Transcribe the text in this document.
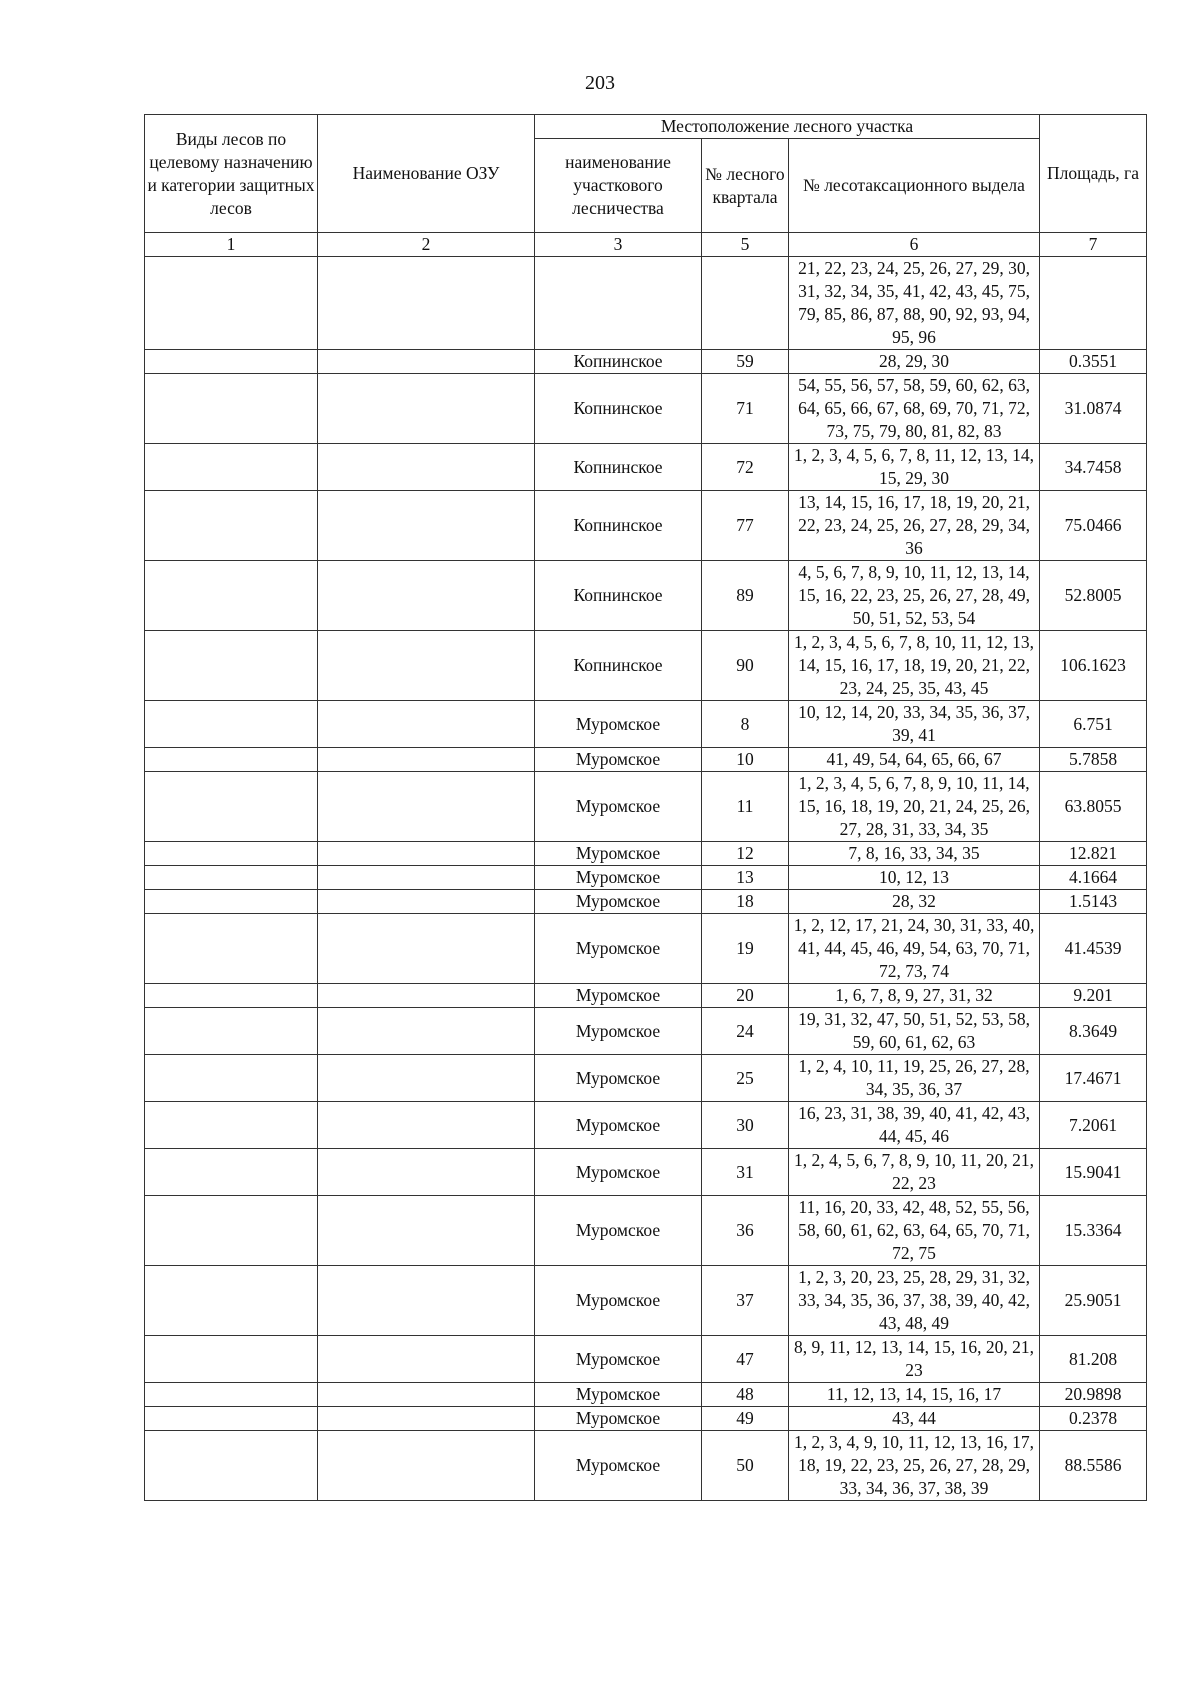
203
Виды лесов по целевому назначению и категории защитных лесов	Наименование ОЗУ	Местоположение лесного участка			Площадь, га
		наименование участкового лесничества	№ лесного квартала	№ лесотаксационного выдела	
1	2	3	5	6	7
				21, 22, 23, 24, 25, 26, 27, 29, 30, 31, 32, 34, 35, 41, 42, 43, 45, 75, 79, 85, 86, 87, 88, 90, 92, 93, 94, 95, 96	
		Копнинское	59	28, 29, 30	0.3551
		Копнинское	71	54, 55, 56, 57, 58, 59, 60, 62, 63, 64, 65, 66, 67, 68, 69, 70, 71, 72, 73, 75, 79, 80, 81, 82, 83	31.0874
		Копнинское	72	1, 2, 3, 4, 5, 6, 7, 8, 11, 12, 13, 14, 15, 29, 30	34.7458
		Копнинское	77	13, 14, 15, 16, 17, 18, 19, 20, 21, 22, 23, 24, 25, 26, 27, 28, 29, 34, 36	75.0466
		Копнинское	89	4, 5, 6, 7, 8, 9, 10, 11, 12, 13, 14, 15, 16, 22, 23, 25, 26, 27, 28, 49, 50, 51, 52, 53, 54	52.8005
		Копнинское	90	1, 2, 3, 4, 5, 6, 7, 8, 10, 11, 12, 13, 14, 15, 16, 17, 18, 19, 20, 21, 22, 23, 24, 25, 35, 43, 45	106.1623
		Муромское	8	10, 12, 14, 20, 33, 34, 35, 36, 37, 39, 41	6.751
		Муромское	10	41, 49, 54, 64, 65, 66, 67	5.7858
		Муромское	11	1, 2, 3, 4, 5, 6, 7, 8, 9, 10, 11, 14, 15, 16, 18, 19, 20, 21, 24, 25, 26, 27, 28, 31, 33, 34, 35	63.8055
		Муромское	12	7, 8, 16, 33, 34, 35	12.821
		Муромское	13	10, 12, 13	4.1664
		Муромское	18	28, 32	1.5143
		Муромское	19	1, 2, 12, 17, 21, 24, 30, 31, 33, 40, 41, 44, 45, 46, 49, 54, 63, 70, 71, 72, 73, 74	41.4539
		Муромское	20	1, 6, 7, 8, 9, 27, 31, 32	9.201
		Муромское	24	19, 31, 32, 47, 50, 51, 52, 53, 58, 59, 60, 61, 62, 63	8.3649
		Муромское	25	1, 2, 4, 10, 11, 19, 25, 26, 27, 28, 34, 35, 36, 37	17.4671
		Муромское	30	16, 23, 31, 38, 39, 40, 41, 42, 43, 44, 45, 46	7.2061
		Муромское	31	1, 2, 4, 5, 6, 7, 8, 9, 10, 11, 20, 21, 22, 23	15.9041
		Муромское	36	11, 16, 20, 33, 42, 48, 52, 55, 56, 58, 60, 61, 62, 63, 64, 65, 70, 71, 72, 75	15.3364
		Муромское	37	1, 2, 3, 20, 23, 25, 28, 29, 31, 32, 33, 34, 35, 36, 37, 38, 39, 40, 42, 43, 48, 49	25.9051
		Муромское	47	8, 9, 11, 12, 13, 14, 15, 16, 20, 21, 23	81.208
		Муромское	48	11, 12, 13, 14, 15, 16, 17	20.9898
		Муромское	49	43, 44	0.2378
		Муромское	50	1, 2, 3, 4, 9, 10, 11, 12, 13, 16, 17, 18, 19, 22, 23, 25, 26, 27, 28, 29, 33, 34, 36, 37, 38, 39	88.5586
